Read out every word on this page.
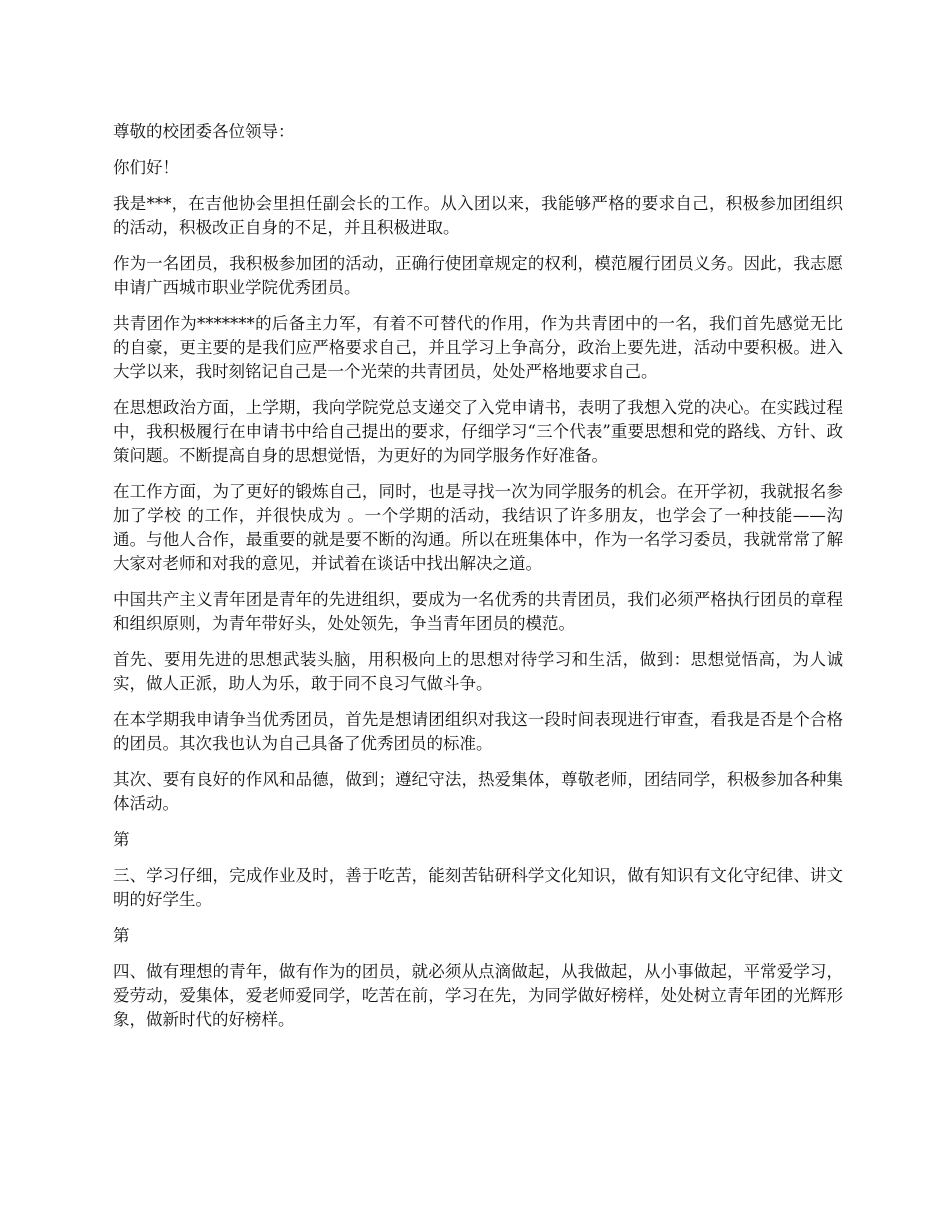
尊敬的校团委各位领导：

你们好！

我是***，在吉他协会里担任副会长的工作。从入团以来，我能够严格的要求自己，积极参加团组织的活动，积极改正自身的不足，并且积极进取。

作为一名团员，我积极参加团的活动，正确行使团章规定的权利，模范履行团员义务。因此，我志愿申请广西城市职业学院优秀团员。

共青团作为*******的后备主力军，有着不可替代的作用，作为共青团中的一名，我们首先感觉无比的自豪，更主要的是我们应严格要求自己，并且学习上争高分，政治上要先进，活动中要积极。进入大学以来，我时刻铭记自己是一个光荣的共青团员，处处严格地要求自己。

在思想政治方面，上学期，我向学院党总支递交了入党申请书，表明了我想入党的决心。在实践过程中，我积极履行在申请书中给自己提出的要求，仔细学习“三个代表”重要思想和党的路线、方针、政策问题。不断提高自身的思想觉悟，为更好的为同学服务作好准备。

在工作方面，为了更好的锻炼自己，同时，也是寻找一次为同学服务的机会。在开学初，我就报名参加了学校 的工作，并很快成为 。一个学期的活动，我结识了许多朋友，也学会了一种技能——沟通。与他人合作，最重要的就是要不断的沟通。所以在班集体中，作为一名学习委员，我就常常了解大家对老师和对我的意见，并试着在谈话中找出解决之道。

中国共产主义青年团是青年的先进组织，要成为一名优秀的共青团员，我们必须严格执行团员的章程和组织原则，为青年带好头，处处领先，争当青年团员的模范。

首先、要用先进的思想武装头脑，用积极向上的思想对待学习和生活，做到：思想觉悟高，为人诚实，做人正派，助人为乐，敢于同不良习气做斗争。

在本学期我申请争当优秀团员，首先是想请团组织对我这一段时间表现进行审查，看我是否是个合格的团员。其次我也认为自己具备了优秀团员的标准。

其次、要有良好的作风和品德，做到；遵纪守法，热爱集体，尊敬老师，团结同学，积极参加各种集体活动。

第

三、学习仔细，完成作业及时，善于吃苦，能刻苦钻研科学文化知识，做有知识有文化守纪律、讲文明的好学生。

第

四、做有理想的青年，做有作为的团员，就必须从点滴做起，从我做起，从小事做起，平常爱学习，爱劳动，爱集体，爱老师爱同学，吃苦在前，学习在先，为同学做好榜样，处处树立青年团的光辉形象，做新时代的好榜样。
